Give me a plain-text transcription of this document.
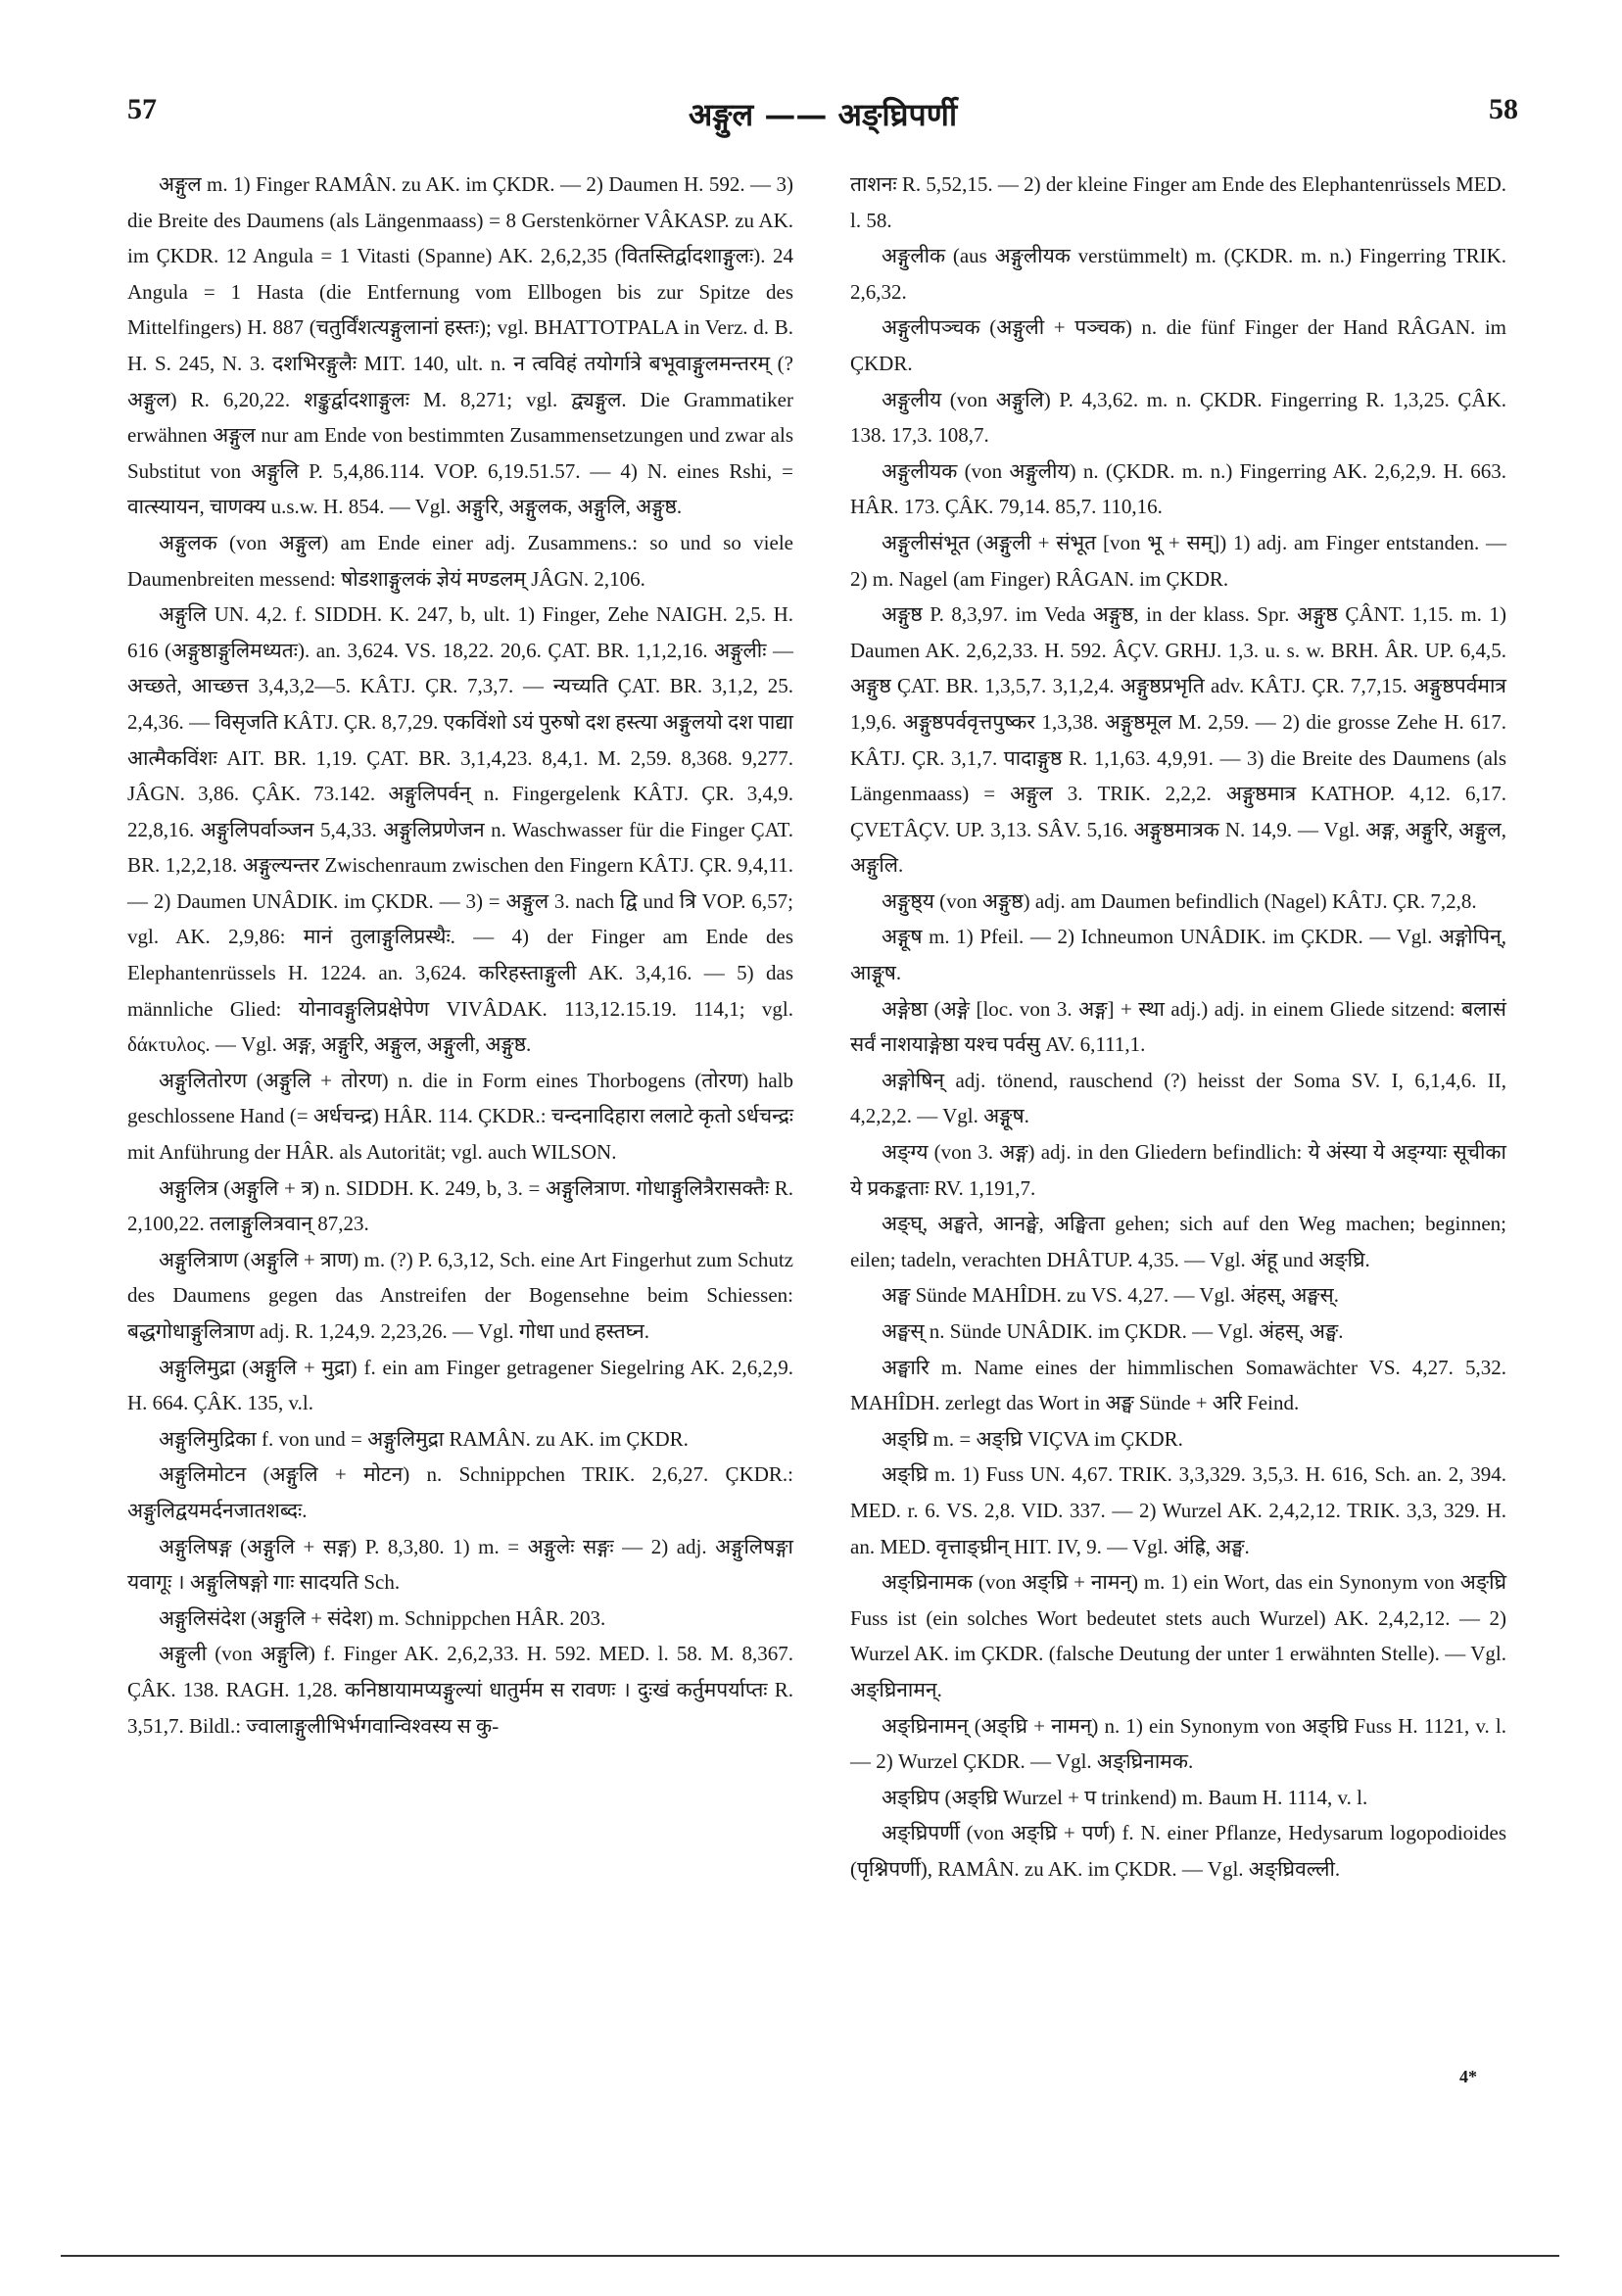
57	अङ्गुल —— अङ्घ्रिपर्णी	58

अङ्गुल m. 1) Finger RAMÂN. zu AK. im ÇKDR. — 2) Daumen H. 592. — 3) die Breite des Daumens (als Längenmaass) = 8 Gerstenkörner VÂKASP. zu AK. im ÇKDR. 12 Angula = 1 Vitasti (Spanne) AK. 2,6,2,35 (वितस्तिर्द्वादशाङ्गुलः). 24 Angula = 1 Hasta (die Entfernung vom Ellbogen bis zur Spitze des Mittelfingers) H. 887 (चतुर्विंशत्यङ्गुलानां हस्तः); vgl. BHATTOTPALA in Verz. d. B. H. S. 245, N. 3. दशभिरङ्गुलैः MIT. 140, ult. n. न त्वविहं तयोर्गात्रे बभूवाङ्गुलमन्तरम् (?अङ्गुल) R. 6,20,22. शङ्कुर्द्वादशाङ्गुलः M. 8,271; vgl. द्व्यङ्गुल. Die Grammatiker erwähnen अङ्गुल nur am Ende von bestimmten Zusammensetzungen und zwar als Substitut von अङ्गुलि P. 5,4,86.114. VOP. 6,19.51.57. — 4) N. eines Rshi, = वात्स्यायन, चाणक्य u.s.w. H. 854. — Vgl. अङ्गुरि, अङ्गुलक, अङ्गुलि, अङ्गुष्ठ.

अङ्गुलक (von अङ्गुल) am Ende einer adj. Zusammens.: so und so viele Daumenbreiten messend: षोडशाङ्गुलकं ज्ञेयं मण्डलम् JÂGN. 2,106.

अङ्गुलि UN. 4,2. f. SIDDH. K. 247, b, ult. 1) Finger, Zehe NAIGH. 2,5. H. 616 (अङ्गुष्ठाङ्गुलिमध्यतः). an. 3,624. VS. 18,22. 20,6. ÇAT. BR. 1,1,2,16. अङ्गुलीः — अच्छते, आच्छत्त 3,4,3,2—5. KÂTJ. ÇR. 7,3,7. — न्यच्यति ÇAT. BR. 3,1,2, 25. 2,4,36. — विसृजति KÂTJ. ÇR. 8,7,29. एकविंशो ऽयं पुरुषो दश हस्त्या अङ्गुलयो दश पाद्या आत्मैकविंशः AIT. BR. 1,19. ÇAT. BR. 3,1,4,23. 8,4,1. M. 2,59. 8,368. 9,277. JÂGN. 3,86. ÇÂK. 73.142. अङ्गुलिपर्वन् n. Fingergelenk KÂTJ. ÇR. 3,4,9. 22,8,16. अङ्गुलिपर्वाञ्जन 5,4,33. अङ्गुलिप्रणेजन n. Waschwasser für die Finger ÇAT. BR. 1,2,2,18. अङ्गुल्यन्तर Zwischenraum zwischen den Fingern KÂTJ. ÇR. 9,4,11. — 2) Daumen UNÂDIK. im ÇKDR. — 3) = अङ्गुल 3. nach द्वि und त्रि VOP. 6,57; vgl. AK. 2,9,86: मानं तुलाङ्गुलिप्रस्थैः. — 4) der Finger am Ende des Elephantenrüssels H. 1224. an. 3,624. करिहस्ताङ्गुली AK. 3,4,16. — 5) das männliche Glied: योनावङ्गुलिप्रक्षेपेण VIVÂDAK. 113,12.15.19. 114,1; vgl. δάκτυλος. — Vgl. अङ्ग, अङ्गुरि, अङ्गुल, अङ्गुली, अङ्गुष्ठ.

अङ्गुलितोरण (अङ्गुलि + तोरण) n. die in Form eines Thorbogens (तोरण) halb geschlossene Hand (= अर्धचन्द्र) HÂR. 114. ÇKDR.: चन्दनादिहारा ललाटे कृतो ऽर्धचन्द्रः mit Anführung der HÂR. als Autorität; vgl. auch WILSON.

अङ्गुलित्र (अङ्गुलि + त्र) n. SIDDH. K. 249, b, 3. = अङ्गुलित्राण. गोधाङ्गुलित्रैरासक्तैः R. 2,100,22. तलाङ्गुलित्रवान् 87,23.

अङ्गुलित्राण (अङ्गुलि + त्राण) m. (?) P. 6,3,12, Sch. eine Art Fingerhut zum Schutz des Daumens gegen das Anstreifen der Bogensehne beim Schiessen: बद्धगोधाङ्गुलित्राण adj. R. 1,24,9. 2,23,26. — Vgl. गोधा und हस्तघ्न.

अङ्गुलिमुद्रा (अङ्गुलि + मुद्रा) f. ein am Finger getragener Siegelring AK. 2,6,2,9. H. 664. ÇÂK. 135, v.l.

अङ्गुलिमुद्रिका f. von und = अङ्गुलिमुद्रा RAMÂN. zu AK. im ÇKDR.

अङ्गुलिमोटन (अङ्गुलि + मोटन) n. Schnippchen TRIK. 2,6,27. ÇKDR.: अङ्गुलिद्वयमर्दनजातशब्दः.

अङ्गुलिषङ्ग (अङ्गुलि + सङ्ग) P. 8,3,80. 1) m. = अङ्गुलेः सङ्गः — 2) adj. अङ्गुलिषङ्गा यवागूः । अङ्गुलिषङ्गो गाः सादयति Sch.

अङ्गुलिसंदेश (अङ्गुलि + संदेश) m. Schnippchen HÂR. 203.

अङ्गुली (von अङ्गुलि) f. Finger AK. 2,6,2,33. H. 592. MED. l. 58. M. 8,367. ÇÂK. 138. RAGH. 1,28. कनिष्ठायामप्यङ्गुल्यां धातुर्मम स रावणः । दुःखं कर्तुमपर्याप्तः R. 3,51,7. Bildl.: ज्वालाङ्गुलीभिर्भगवान्विश्वस्य स कु-

ताशनः R. 5,52,15. — 2) der kleine Finger am Ende des Elephantenrüssels MED. l. 58.

अङ्गुलीक (aus अङ्गुलीयक verstümmelt) m. (ÇKDR. m. n.) Fingerring TRIK. 2,6,32.

अङ्गुलीपञ्चक (अङ्गुली + पञ्चक) n. die fünf Finger der Hand RÂGAN. im ÇKDR.

अङ्गुलीय (von अङ्गुलि) P. 4,3,62. m. n. ÇKDR. Fingerring R. 1,3,25. ÇÂK. 138. 17,3. 108,7.

अङ्गुलीयक (von अङ्गुलीय) n. (ÇKDR. m. n.) Fingerring AK. 2,6,2,9. H. 663. HÂR. 173. ÇÂK. 79,14. 85,7. 110,16.

अङ्गुलीसंभूत (अङ्गुली + संभूत [von भू + सम्]) 1) adj. am Finger entstanden. — 2) m. Nagel (am Finger) RÂGAN. im ÇKDR.

अङ्गुष्ठ P. 8,3,97. im Veda अङ्गुष्ठ, in der klass. Spr. अङ्गुष्ठ ÇÂNT. 1,15. m. 1) Daumen AK. 2,6,2,33. H. 592. ÂÇV. GRHJ. 1,3. u. s. w. BRH. ÂR. UP. 6,4,5. अङ्गुष्ठ ÇAT. BR. 1,3,5,7. 3,1,2,4. अङ्गुष्ठप्रभृति adv. KÂTJ. ÇR. 7,7,15. अङ्गुष्ठपर्वमात्र 1,9,6. अङ्गुष्ठपर्ववृत्तपुष्कर 1,3,38. अङ्गुष्ठमूल M. 2,59. — 2) die grosse Zehe H. 617. KÂTJ. ÇR. 3,1,7. पादाङ्गुष्ठ R. 1,1,63. 4,9,91. — 3) die Breite des Daumens (als Längenmaass) = अङ्गुल 3. TRIK. 2,2,2. अङ्गुष्ठमात्र KATHOP. 4,12. 6,17. ÇVETÂÇV. UP. 3,13. SÂV. 5,16. अङ्गुष्ठमात्रक N. 14,9. — Vgl. अङ्ग, अङ्गुरि, अङ्गुल, अङ्गुलि.

अङ्गुष्ठ्य (von अङ्गुष्ठ) adj. am Daumen befindlich (Nagel) KÂTJ. ÇR. 7,2,8.

अङ्गूष m. 1) Pfeil. — 2) Ichneumon UNÂDIK. im ÇKDR. — Vgl. अङ्गोपिन्, आङ्गूष.

अङ्गेष्ठा (अङ्गे [loc. von 3. अङ्ग] + स्था adj.) adj. in einem Gliede sitzend: बलासं सर्वं नाशयाङ्गेष्ठा यश्च पर्वसु AV. 6,111,1.

अङ्गोषिन् adj. tönend, rauschend (?) heisst der Soma SV. I, 6,1,4,6. II, 4,2,2,2. — Vgl. अङ्गूष.

अङ्ग्य (von 3. अङ्ग) adj. in den Gliedern befindlich: ये अंस्या ये अङ्ग्याः सूचीका ये प्रकङ्कताः RV. 1,191,7.

अङ्घ्, अङ्घते, आनङ्घे, अङ्घिता gehen; sich auf den Weg machen; beginnen; eilen; tadeln, verachten DHÂTUP. 4,35. — Vgl. अंहू und अङ्घ्रि.

अङ्घ Sünde MAHÎDH. zu VS. 4,27. — Vgl. अंहस्, अङ्घस्.

अङ्घस् n. Sünde UNÂDIK. im ÇKDR. — Vgl. अंहस्, अङ्घ.

अङ्घारि m. Name eines der himmlischen Somawächter VS. 4,27. 5,32. MAHÎDH. zerlegt das Wort in अङ्घ Sünde + अरि Feind.

अङ्घ्रि m. = अङ्घ्रि VIÇVA im ÇKDR.

अङ्घ्रि m. 1) Fuss UN. 4,67. TRIK. 3,3,329. 3,5,3. H. 616, Sch. an. 2, 394. MED. r. 6. VS. 2,8. VID. 337. — 2) Wurzel AK. 2,4,2,12. TRIK. 3,3, 329. H. an. MED. वृत्ताङ्घ्रीन् HIT. IV, 9. — Vgl. अंह्रि, अङ्घ.

अङ्घ्रिनामक (von अङ्घ्रि + नामन्) m. 1) ein Wort, das ein Synonym von अङ्घ्रि Fuss ist (ein solches Wort bedeutet stets auch Wurzel) AK. 2,4,2,12. — 2) Wurzel AK. im ÇKDR. (falsche Deutung der unter 1 erwähnten Stelle). — Vgl. अङ्घ्रिनामन्.

अङ्घ्रिनामन् (अङ्घ्रि + नामन्) n. 1) ein Synonym von अङ्घ्रि Fuss H. 1121, v. l. — 2) Wurzel ÇKDR. — Vgl. अङ्घ्रिनामक.

अङ्घ्रिप (अङ्घ्रि Wurzel + प trinkend) m. Baum H. 1114, v. l.

अङ्घ्रिपर्णी (von अङ्घ्रि + पर्ण) f. N. einer Pflanze, Hedysarum logopodioides (पृश्निपर्णी), RAMÂN. zu AK. im ÇKDR. — Vgl. अङ्घ्रिवल्ली.

4*
